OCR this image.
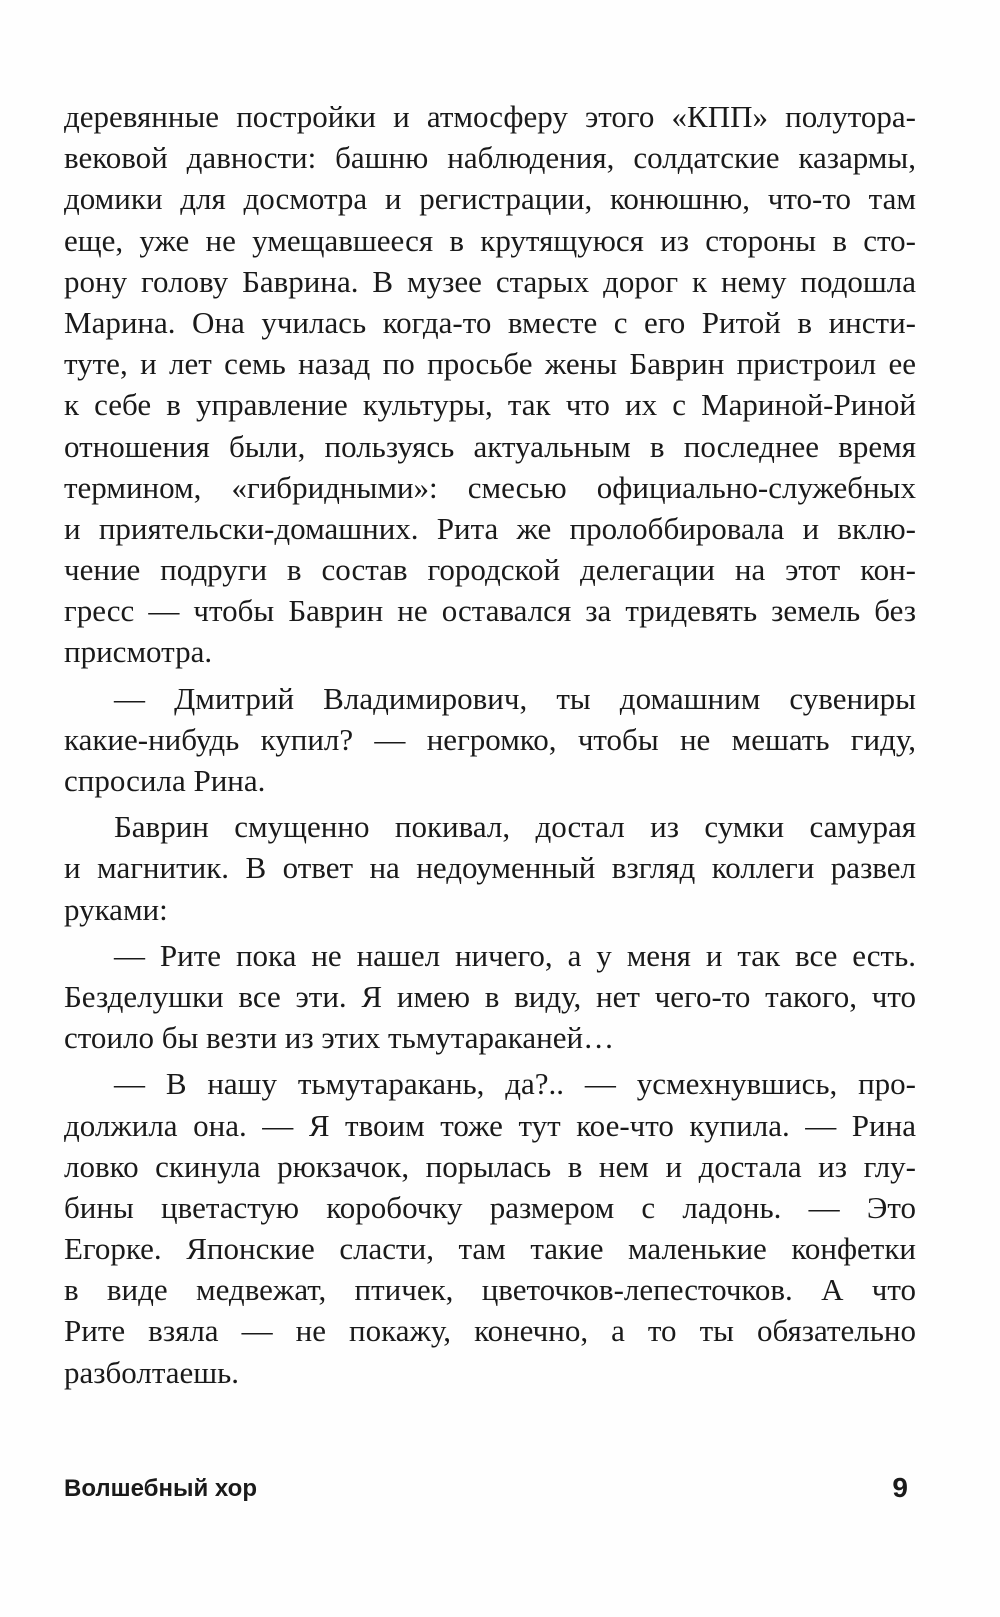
деревянные постройки и атмосферу этого «КПП» полутора-
вековой давности: башню наблюдения, солдатские казармы,
домики для досмотра и регистрации, конюшню, что-то там
еще, уже не умещавшееся в крутящуюся из стороны в сто-
рону голову Баврина. В музее старых дорог к нему подошла
Марина. Она училась когда-то вместе с его Ритой в инсти-
туте, и лет семь назад по просьбе жены Баврин пристроил ее
к себе в управление культуры, так что их с Мариной-Риной
отношения были, пользуясь актуальным в последнее время
термином, «гибридными»: смесью официально-служебных
и приятельски-домашних. Рита же пролоббировала и вклю-
чение подруги в состав городской делегации на этот кон-
гресс — чтобы Баврин не оставался за тридевять земель без
присмотра.
— Дмитрий Владимирович, ты домашним сувениры
какие-нибудь купил? — негромко, чтобы не мешать гиду,
спросила Рина.
Баврин смущенно покивал, достал из сумки самурая
и магнитик. В ответ на недоуменный взгляд коллеги развел
руками:
— Рите пока не нашел ничего, а у меня и так все есть.
Безделушки все эти. Я имею в виду, нет чего-то такого, что
стоило бы везти из этих тьмутараканей…
— В нашу тьмутаракань, да?.. — усмехнувшись, про-
должила она. — Я твоим тоже тут кое-что купила. — Рина
ловко скинула рюкзачок, порылась в нем и достала из глу-
бины цветастую коробочку размером с ладонь. — Это
Егорке. Японские сласти, там такие маленькие конфетки
в виде медвежат, птичек, цветочков-лепесточков. А что
Рите взяла — не покажу, конечно, а то ты обязательно
разболтаешь.
Волшебный хор	9
